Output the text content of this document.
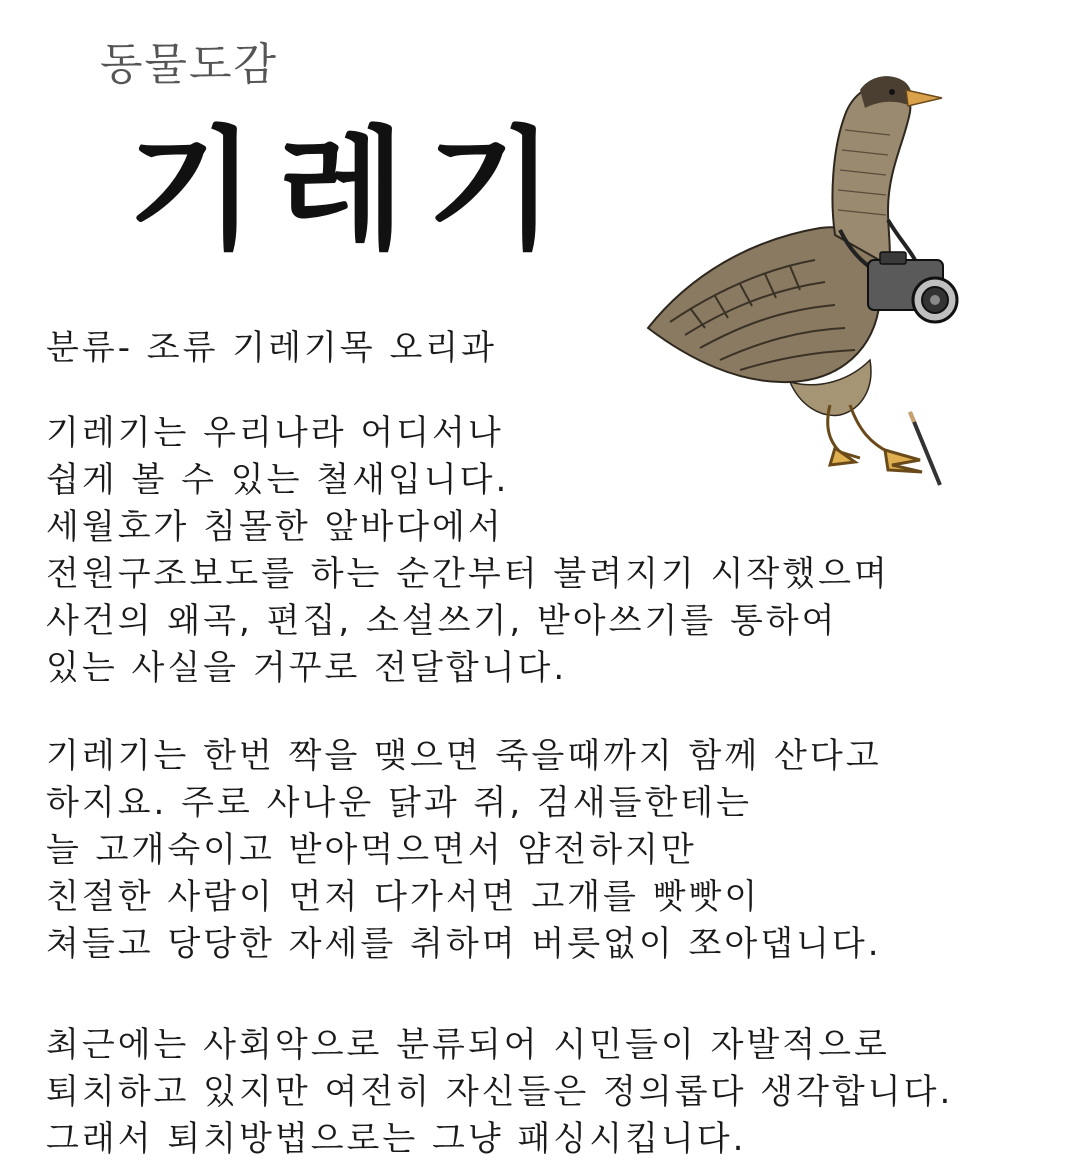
동물도감
기레기

분류- 조류 기레기목 오리과

기레기는 우리나라 어디서나
쉽게 볼 수 있는 철새입니다.
세월호가 침몰한 앞바다에서
전원구조보도를 하는 순간부터 불려지기 시작했으며
사건의 왜곡, 편집, 소설쓰기, 받아쓰기를 통하여
있는 사실을 거꾸로 전달합니다.
기레기는 한번 짝을 맺으면 죽을때까지 함께 산다고
하지요. 주로 사나운 닭과 쥐, 검새들한테는
늘 고개숙이고 받아먹으면서 얌전하지만
친절한 사람이 먼저 다가서면 고개를 빳빳이
쳐들고 당당한 자세를 취하며 버릇없이 쪼아댑니다.
최근에는 사회악으로 분류되어 시민들이 자발적으로
퇴치하고 있지만 여전히 자신들은 정의롭다 생각합니다.
그래서 퇴치방법으로는 그냥 패싱시킵니다.
